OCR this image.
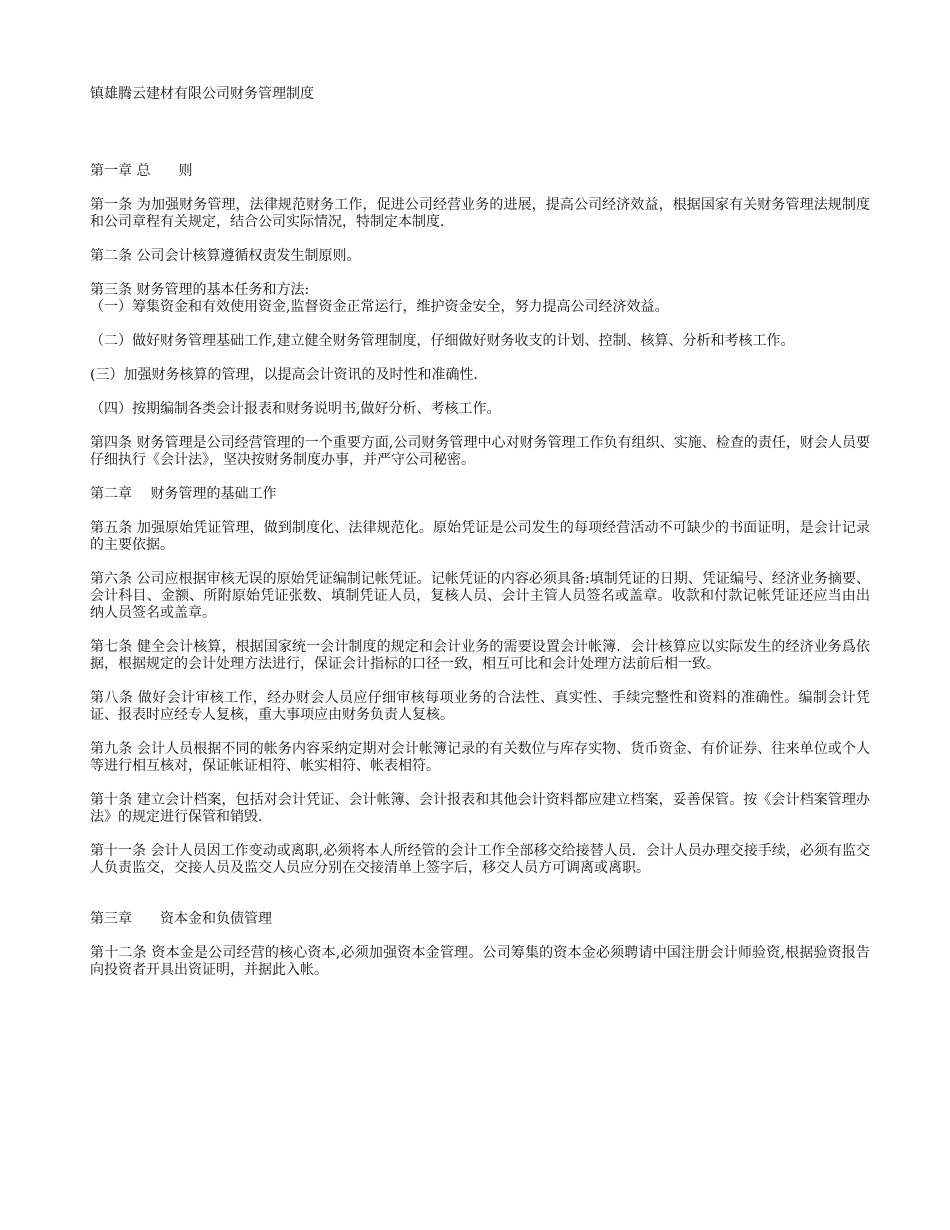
镇雄腾云建材有限公司财务管理制度

第一章 总　　则

第一条 为加强财务管理，法律规范财务工作，促进公司经营业务的进展，提高公司经济效益，根据国家有关财务管理法规制度和公司章程有关规定，结合公司实际情况，特制定本制度．

第二条 公司会计核算遵循权责发生制原则。

第三条 财务管理的基本任务和方法:

（一）筹集资金和有效使用资金,监督资金正常运行，维护资金安全，努力提高公司经济效益。

（二）做好财务管理基础工作,建立健全财务管理制度，仔细做好财务收支的计划、控制、核算、分析和考核工作。

(三）加强财务核算的管理，以提高会计资讯的及时性和准确性．

（四）按期编制各类会计报表和财务说明书,做好分析、考核工作。

第四条 财务管理是公司经营管理的一个重要方面,公司财务管理中心对财务管理工作负有组织、实施、检查的责任，财会人员要仔细执行《会计法》，坚决按财务制度办事，并严守公司秘密。

第二章　 财务管理的基础工作

第五条 加强原始凭证管理，做到制度化、法律规范化。原始凭证是公司发生的每项经营活动不可缺少的书面证明，是会计记录的主要依据。

第六条 公司应根据审核无误的原始凭证编制记帐凭证。记帐凭证的内容必须具备:填制凭证的日期、凭证编号、经济业务摘要、会计科目、金额、所附原始凭证张数、填制凭证人员，复核人员、会计主管人员签名或盖章。收款和付款记帐凭证还应当由出纳人员签名或盖章。

第七条 健全会计核算，根据国家统一会计制度的规定和会计业务的需要设置会计帐簿．会计核算应以实际发生的经济业务爲依据，根据规定的会计处理方法进行，保证会计指标的口径一致，相互可比和会计处理方法前后相一致。

第八条 做好会计审核工作，经办财会人员应仔细审核每项业务的合法性、真实性、手续完整性和资料的准确性。编制会计凭证、报表时应经专人复核，重大事项应由财务负责人复核。

第九条 会计人员根据不同的帐务内容采纳定期对会计帐簿记录的有关数位与库存实物、货币资金、有价证券、往来单位或个人等进行相互核对，保证帐证相符、帐实相符、帐表相符。

第十条 建立会计档案，包括对会计凭证、会计帐簿、会计报表和其他会计资料都应建立档案，妥善保管。按《会计档案管理办法》的规定进行保管和销毁．

第十一条 会计人员因工作变动或离职,必须将本人所经管的会计工作全部移交给接替人员．会计人员办理交接手续，必须有监交人负责监交，交接人员及监交人员应分别在交接清单上签字后，移交人员方可调离或离职。

第三章　　资本金和负债管理

第十二条 资本金是公司经营的核心资本,必须加强资本金管理。公司筹集的资本金必须聘请中国注册会计师验资,根据验资报告向投资者开具出资证明，并据此入帐。
